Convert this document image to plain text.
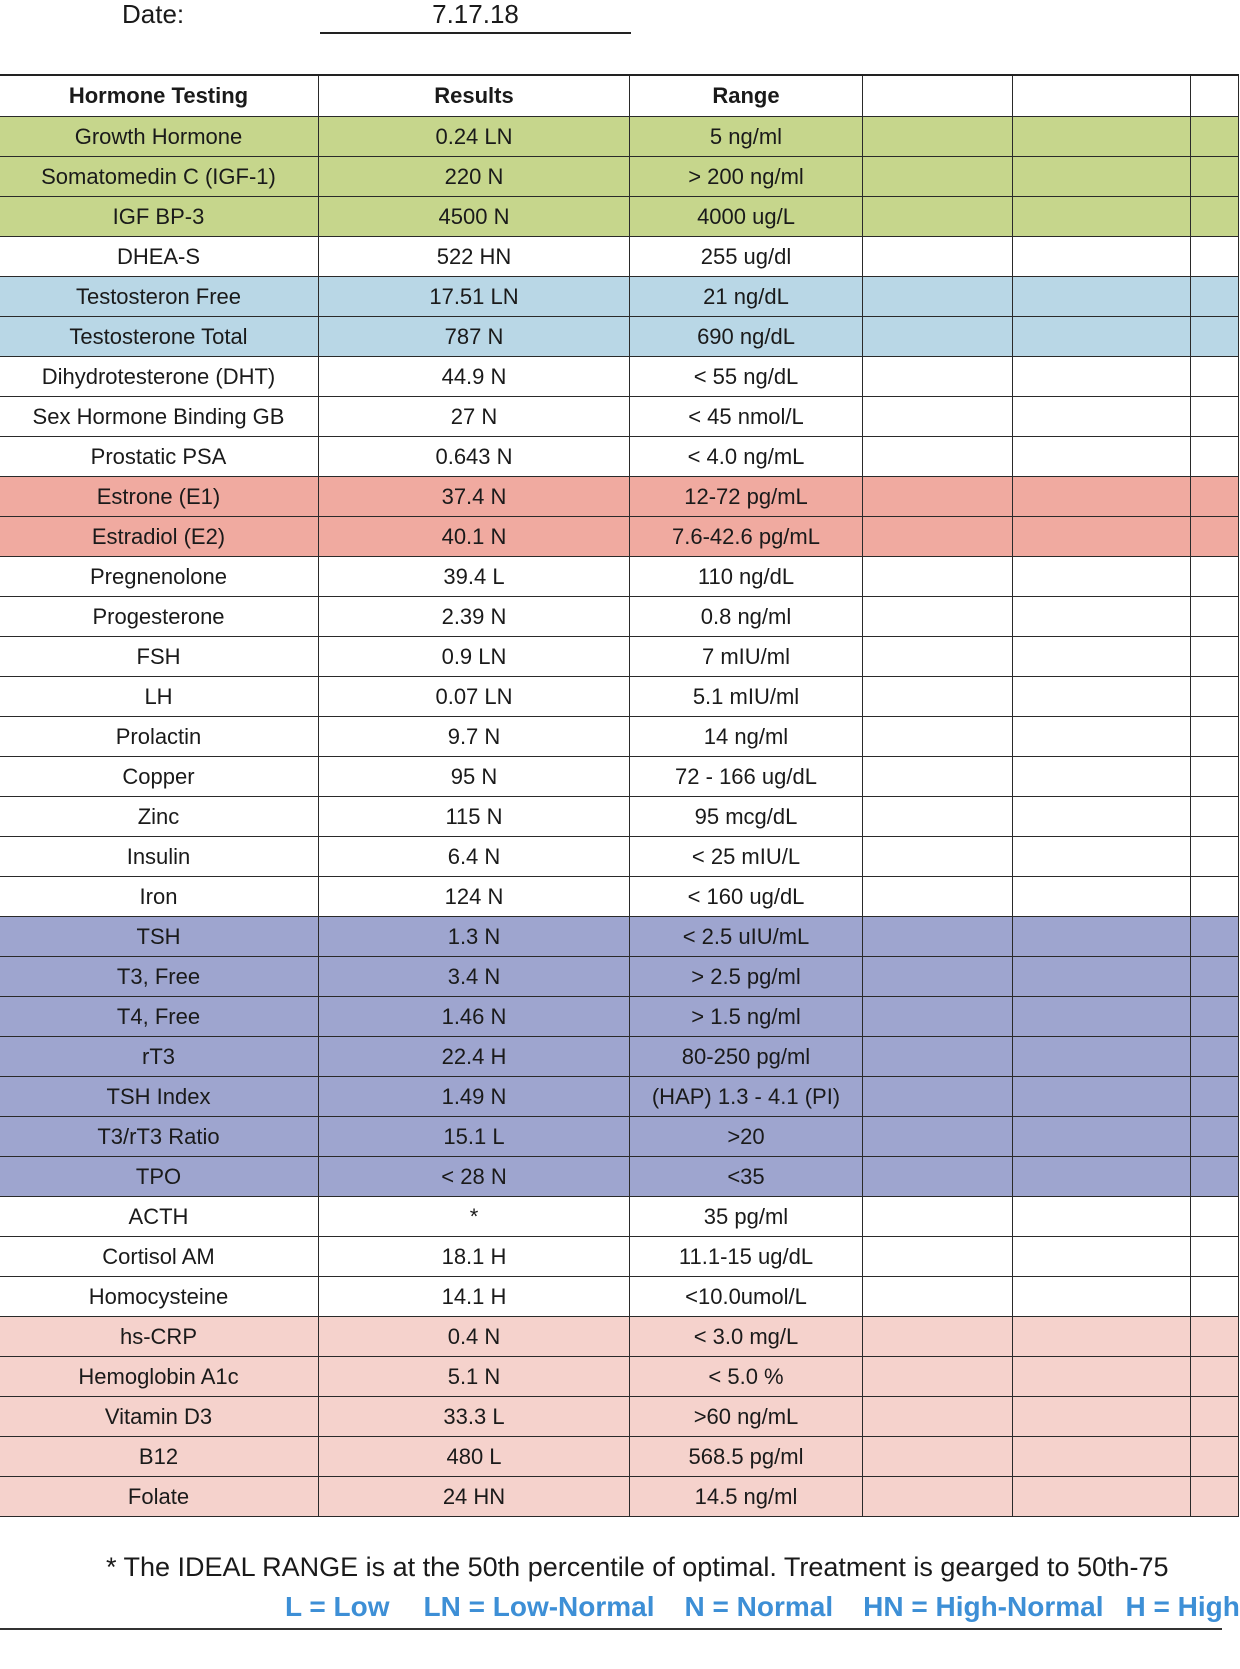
Date:	7.17.18
Hormone Testing	Results	Range			
Growth Hormone	0.24 LN	5 ng/ml			
Somatomedin C (IGF-1)	220 N	> 200 ng/ml			
IGF BP-3	4500 N	4000 ug/L			
DHEA-S	522 HN	255 ug/dl			
Testosteron Free	17.51 LN	21 ng/dL			
Testosterone Total	787 N	690 ng/dL			
Dihydrotesterone (DHT)	44.9 N	< 55 ng/dL			
Sex Hormone Binding GB	27 N	< 45 nmol/L			
Prostatic PSA	0.643 N	< 4.0 ng/mL			
Estrone (E1)	37.4 N	12-72 pg/mL			
Estradiol (E2)	40.1 N	7.6-42.6 pg/mL			
Pregnenolone	39.4 L	110 ng/dL			
Progesterone	2.39 N	0.8 ng/ml			
FSH	0.9 LN	7 mIU/ml			
LH	0.07 LN	5.1 mIU/ml			
Prolactin	9.7 N	14 ng/ml			
Copper	95 N	72 - 166 ug/dL			
Zinc	115 N	95 mcg/dL			
Insulin	6.4 N	< 25 mIU/L			
Iron	124 N	< 160 ug/dL			
TSH	1.3 N	< 2.5 uIU/mL			
T3, Free	3.4 N	> 2.5 pg/ml			
T4, Free	1.46 N	> 1.5 ng/ml			
rT3	22.4 H	80-250 pg/ml			
TSH Index	1.49 N	(HAP) 1.3 - 4.1 (PI)			
T3/rT3 Ratio	15.1 L	>20			
TPO	< 28 N	<35			
ACTH	*	35 pg/ml			
Cortisol AM	18.1 H	11.1-15 ug/dL			
Homocysteine	14.1 H	<10.0umol/L			
hs-CRP	0.4 N	< 3.0 mg/L			
Hemoglobin A1c	5.1 N	< 5.0 %			
Vitamin D3	33.3 L	>60 ng/mL			
B12	480 L	568.5 pg/ml			
Folate	24 HN	14.5 ng/ml			
* The IDEAL RANGE is at the 50th percentile of optimal. Treatment is gearged to 50th-75
L = Low LN = Low-Normal N = Normal HN = High-Normal H = High
